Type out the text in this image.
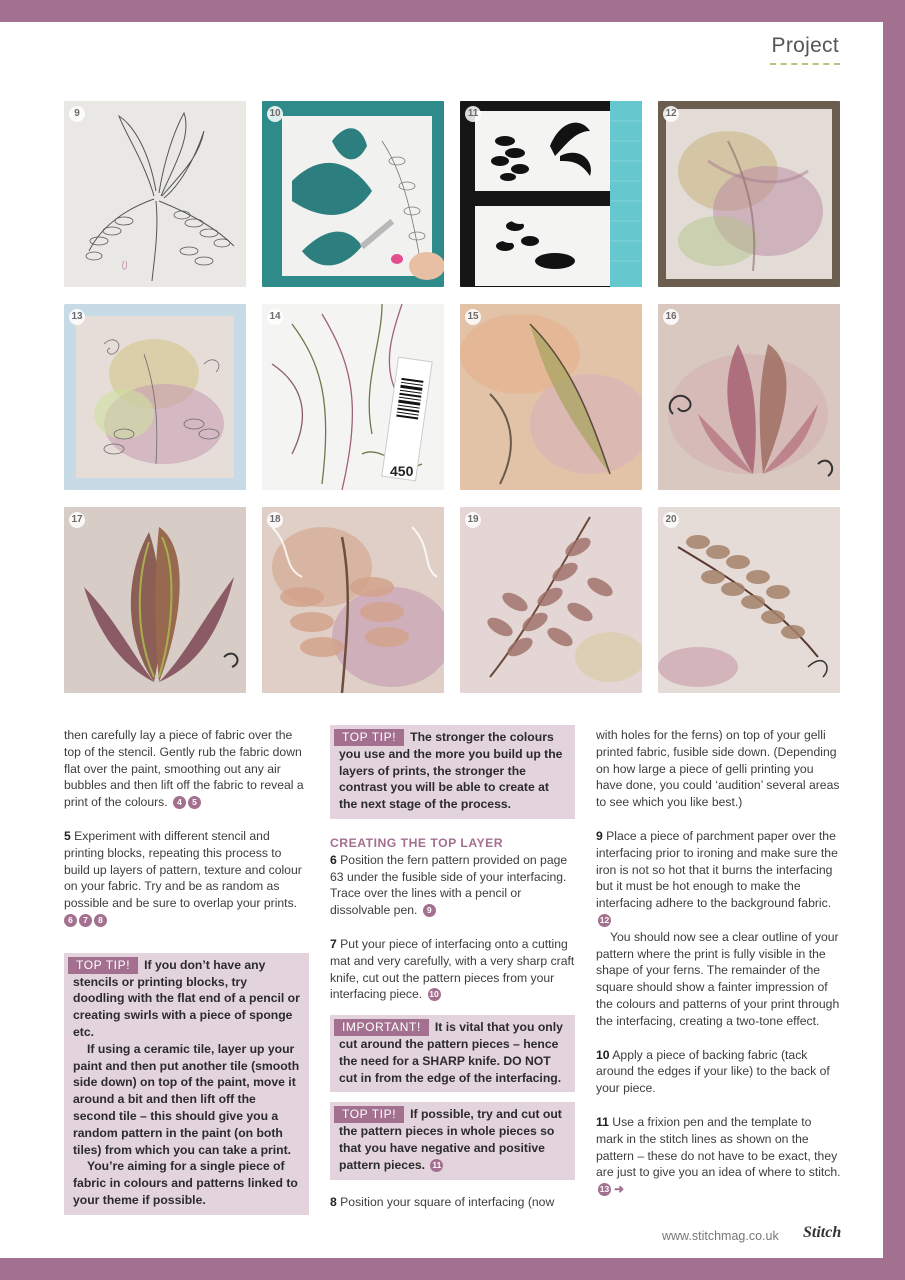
Project
9	10	11	12
13
450
14	15	16
17	18	19	20

then carefully lay a piece of fabric over the top of the stencil. Gently rub the fabric down flat over the paint, smoothing out any air bubbles and then lift off the fabric to reveal a print of the colours. 4 5

5 Experiment with different stencil and printing blocks, repeating this process to build up layers of pattern, texture and colour on your fabric. Try and be as random as possible and be sure to overlap your prints.
6 7 8

TOP TIP! If you don’t have any stencils or printing blocks, try doodling with the flat end of a pencil or creating swirls with a piece of sponge etc.

If using a ceramic tile, layer up your paint and then put another tile (smooth side down) on top of the paint, move it around a bit and then lift off the second tile – this should give you a random pattern in the paint (on both tiles) from which you can take a print.

You’re aiming for a single piece of fabric in colours and patterns linked to your theme if possible.

TOP TIP! The stronger the colours you use and the more you build up the layers of prints, the stronger the contrast you will be able to create at the next stage of the process.

CREATING THE TOP LAYER

6 Position the fern pattern provided on page 63 under the fusible side of your interfacing. Trace over the lines with a pencil or dissolvable pen. 9

7 Put your piece of interfacing onto a cutting mat and very carefully, with a very sharp craft knife, cut out the pattern pieces from your interfacing piece. 10

IMPORTANT! It is vital that you only cut around the pattern pieces – hence the need for a SHARP knife. DO NOT cut in from the edge of the interfacing.

TOP TIP! If possible, try and cut out the pattern pieces in whole pieces so that you have negative and positive pattern pieces. 11

8 Position your square of interfacing (now

with holes for the ferns) on top of your gelli printed fabric, fusible side down. (Depending on how large a piece of gelli printing you have done, you could ‘audition’ several areas to see which you like best.)

9 Place a piece of parchment paper over the interfacing prior to ironing and make sure the iron is not so hot that it burns the interfacing but it must be hot enough to make the interfacing adhere to the background fabric. 12

You should now see a clear outline of your pattern where the print is fully visible in the shape of your ferns. The remainder of the square should show a fainter impression of the colours and patterns of your print through the interfacing, creating a two-tone effect.

10 Apply a piece of backing fabric (tack around the edges if your like) to the back of your piece.

11 Use a frixion pen and the template to mark in the stitch lines as shown on the pattern – these do not have to be exact, they are just to give you an idea of where to stitch. 13 ➜

www.stitchmag.co.uk Stitch
